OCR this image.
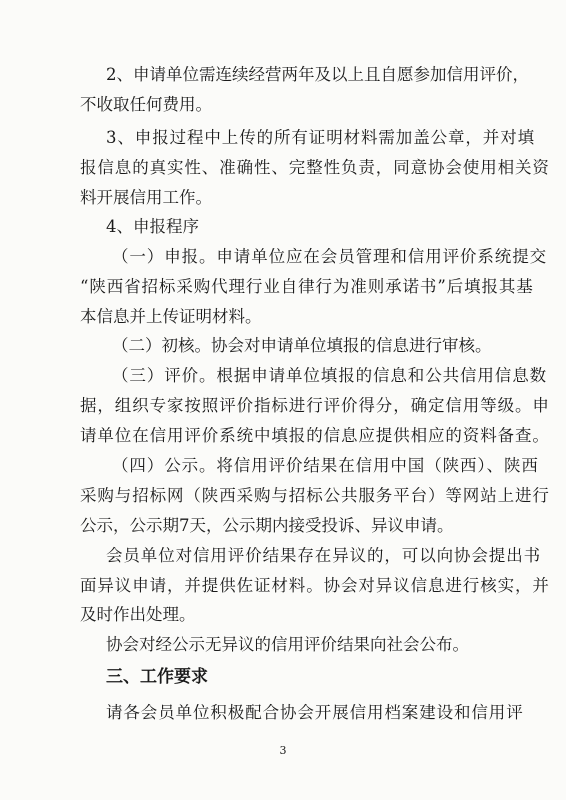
2、申请单位需连续经营两年及以上且自愿参加信用评价，
不收取任何费用。
3、申报过程中上传的所有证明材料需加盖公章，并对填
报信息的真实性、准确性、完整性负责，同意协会使用相关资
料开展信用工作。
4、申报程序
（一）申报。申请单位应在会员管理和信用评价系统提交
“陕西省招标采购代理行业自律行为准则承诺书”后填报其基
本信息并上传证明材料。
（二）初核。协会对申请单位填报的信息进行审核。
（三）评价。根据申请单位填报的信息和公共信用信息数
据，组织专家按照评价指标进行评价得分，确定信用等级。申
请单位在信用评价系统中填报的信息应提供相应的资料备查。
（四）公示。将信用评价结果在信用中国（陕西）、陕西
采购与招标网（陕西采购与招标公共服务平台）等网站上进行
公示，公示期7天，公示期内接受投诉、异议申请。
会员单位对信用评价结果存在异议的，可以向协会提出书
面异议申请，并提供佐证材料。协会对异议信息进行核实，并
及时作出处理。
协会对经公示无异议的信用评价结果向社会公布。
三、工作要求
请各会员单位积极配合协会开展信用档案建设和信用评
3
